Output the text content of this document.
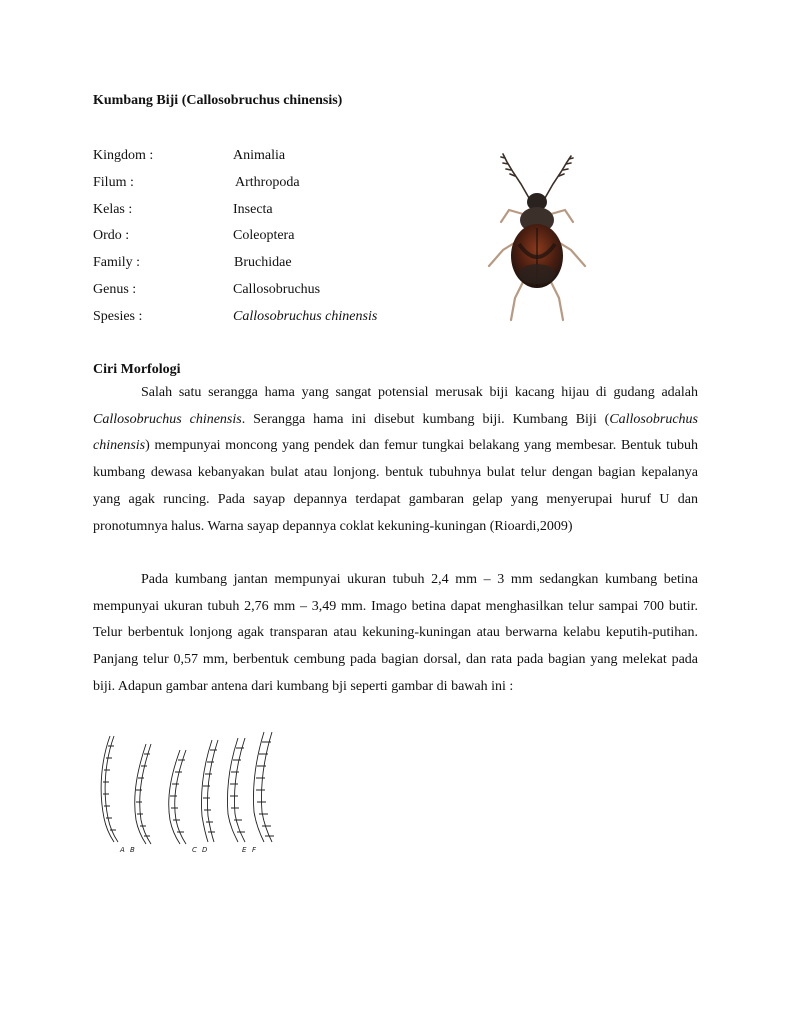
Kumbang Biji (Callosobruchus chinensis)
Kingdom :	Animalia
Filum :	Arthropoda
Kelas :	Insecta
Ordo :	Coleoptera
Family :	Bruchidae
Genus :	Callosobruchus
Spesies :	Callosobruchus chinensis
Ciri Morfologi

Salah satu serangga hama yang sangat potensial merusak biji kacang hijau di gudang adalah Callosobruchus chinensis. Serangga hama ini disebut kumbang biji. Kumbang Biji (Callosobruchus chinensis) mempunyai moncong yang pendek dan femur tungkai belakang yang membesar. Bentuk tubuh kumbang dewasa kebanyakan bulat atau lonjong. bentuk tubuhnya bulat telur dengan bagian kepalanya yang agak runcing. Pada sayap depannya terdapat gambaran gelap yang menyerupai huruf U dan pronotumnya halus. Warna sayap depannya coklat kekuning-kuningan (Rioardi,2009)

Pada kumbang jantan mempunyai ukuran tubuh 2,4 mm – 3 mm sedangkan kumbang betina mempunyai ukuran tubuh 2,76 mm – 3,49 mm. Imago betina dapat menghasilkan telur sampai 700 butir. Telur berbentuk lonjong agak transparan atau kekuning-kuningan atau berwarna kelabu keputih-putihan. Panjang telur 0,57 mm, berbentuk cembung pada bagian dorsal, dan rata pada bagian yang melekat pada biji. Adapun gambar antena dari kumbang bji seperti gambar di bawah ini :

A B	C D	E F
